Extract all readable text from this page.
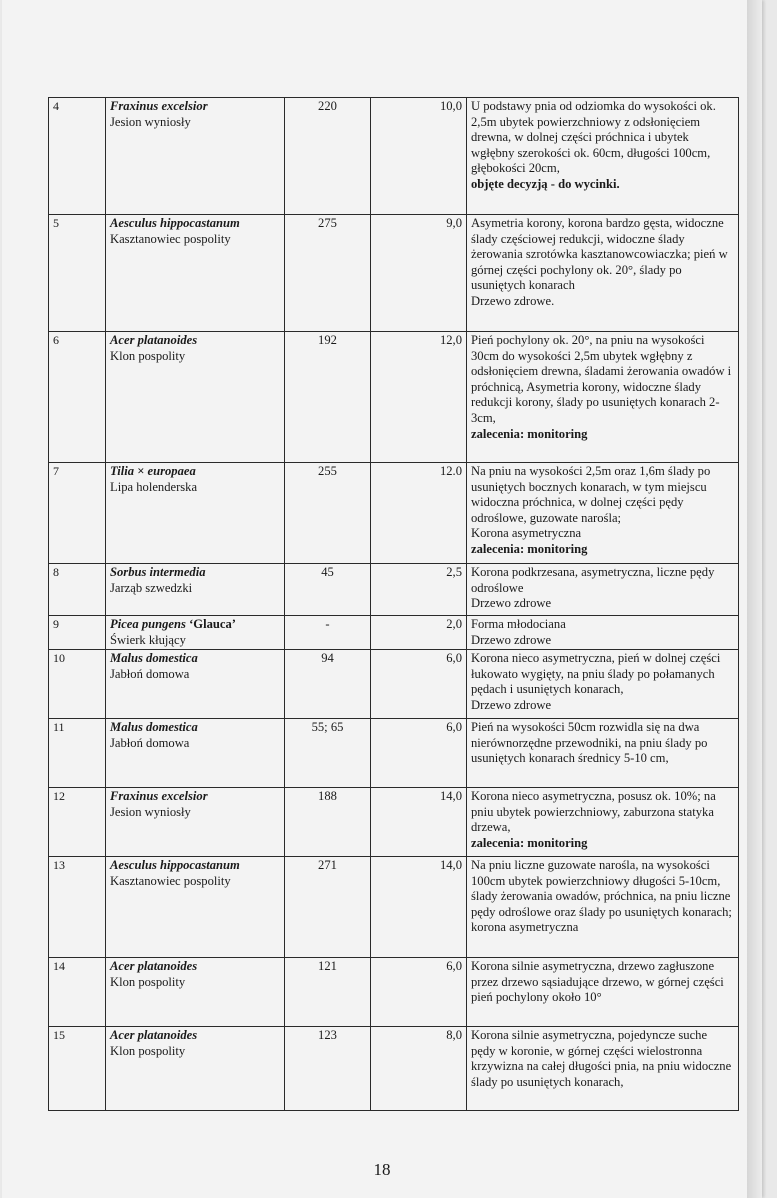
4	Fraxinus excelsior
Jesion wyniosły	220	10,0	U podstawy pnia od odziomka do wysokości ok. 2,5m ubytek powierzchniowy z odsłonięciem drewna, w dolnej części próchnica i ubytek wgłębny szerokości ok. 60cm, długości 100cm, głębokości 20cm,
objęte decyzją - do wycinki.

5	Aesculus hippocastanum
Kasztanowiec pospolity	275	9,0	Asymetria korony, korona bardzo gęsta, widoczne ślady częściowej redukcji, widoczne ślady żerowania szrotówka kasztanowcowiaczka; pień w górnej części pochylony ok. 20°, ślady po usuniętych konarach
Drzewo zdrowe.

6	Acer platanoides
Klon pospolity	192	12,0	Pień pochylony ok. 20°, na pniu na wysokości 30cm do wysokości 2,5m ubytek wgłębny z odsłonięciem drewna, śladami żerowania owadów i próchnicą, Asymetria korony, widoczne ślady redukcji korony, ślady po usuniętych konarach 2-3cm,
zalecenia: monitoring

7	Tilia × europaea
Lipa holenderska	255	12.0	Na pniu na wysokości 2,5m oraz 1,6m ślady po usuniętych bocznych konarach, w tym miejscu widoczna próchnica, w dolnej części pędy odroślowe, guzowate narośla;
Korona asymetryczna
zalecenia: monitoring

8	Sorbus intermedia
Jarząb szwedzki	45	2,5	Korona podkrzesana, asymetryczna, liczne pędy odroślowe
Drzewo zdrowe

9	Picea pungens ‘Glauca’
Świerk kłujący	-	2,0	Forma młodociana
Drzewo zdrowe

10	Malus domestica
Jabłoń domowa	94	6,0	Korona nieco asymetryczna, pień w dolnej części łukowato wygięty, na pniu ślady po połamanych pędach i usuniętych konarach,
Drzewo zdrowe

11	Malus domestica
Jabłoń domowa	55; 65	6,0	Pień na wysokości 50cm rozwidla się na dwa nierównorzędne przewodniki, na pniu ślady po usuniętych konarach średnicy 5-10 cm,

12	Fraxinus excelsior
Jesion wyniosły	188	14,0	Korona nieco asymetryczna, posusz ok. 10%; na pniu ubytek powierzchniowy, zaburzona statyka drzewa,
zalecenia: monitoring

13	Aesculus hippocastanum
Kasztanowiec pospolity	271	14,0	Na pniu liczne guzowate narośla, na wysokości 100cm ubytek powierzchniowy długości 5-10cm, ślady żerowania owadów, próchnica, na pniu liczne pędy odroślowe oraz ślady po usuniętych konarach; korona asymetryczna

14	Acer platanoides
Klon pospolity	121	6,0	Korona silnie asymetryczna, drzewo zagłuszone przez drzewo sąsiadujące drzewo, w górnej części pień pochylony około 10°

15	Acer platanoides
Klon pospolity	123	8,0	Korona silnie asymetryczna, pojedyncze suche pędy w koronie, w górnej części wielostronna krzywizna na całej długości pnia, na pniu widoczne ślady po usuniętych konarach,
18
